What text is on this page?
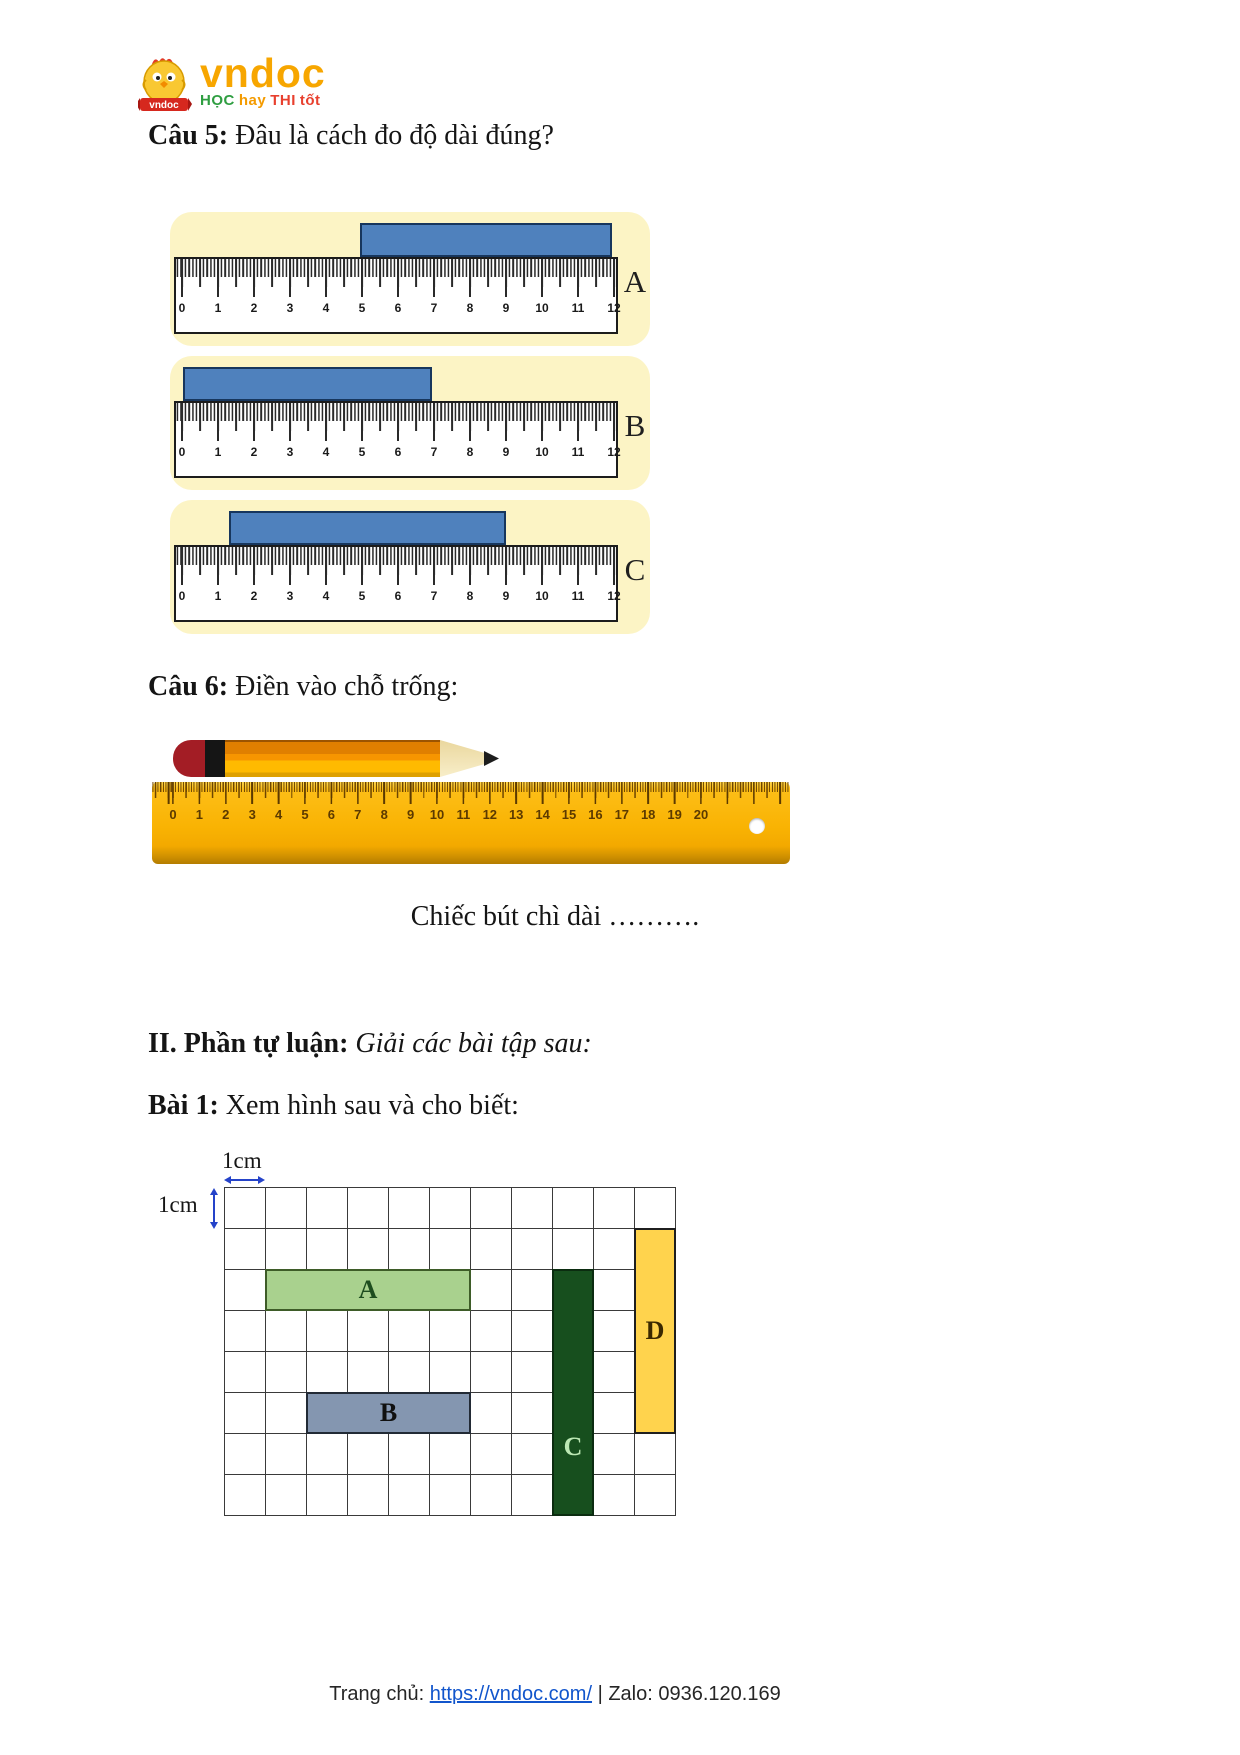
vndoc
vndoc
HỌC hay THI tốt
Câu 5: Đâu là cách đo độ dài đúng?
0 1 2 3 4 5 6 7 8 9 10 11 12
A
0 1 2 3 4 5 6 7 8 9 10 11 12
B
0 1 2 3 4 5 6 7 8 9 10 11 12
C
Câu 6: Điền vào chỗ trống:
0 1 2 3 4 5 6 7 8 9 10 11 12 13 14 15 16 17 18 19 20
Chiếc bút chì dài ……….
II. Phần tự luận: Giải các bài tập sau:
Bài 1: Xem hình sau và cho biết:
1cm
1cm
A
B
C
D
Trang chủ: https://vndoc.com/ | Zalo: 0936.120.169
